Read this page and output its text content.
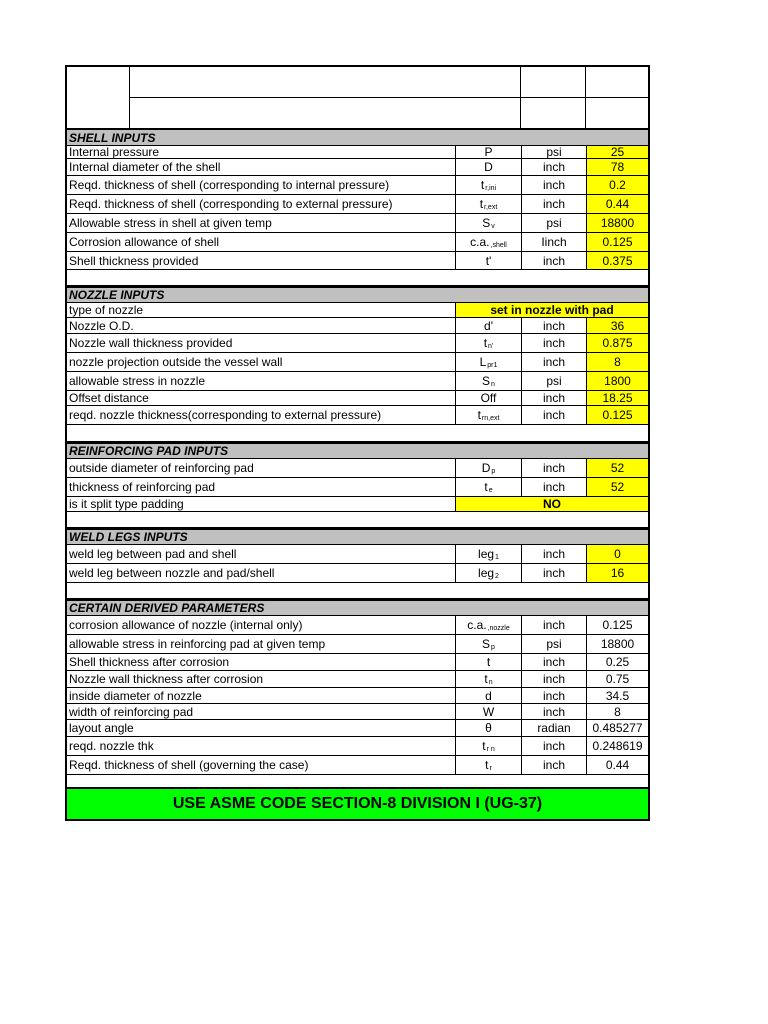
SHELL INPUTS
Internal pressure	P	psi	25
Internal diameter of the shell	D	inch	78
Reqd. thickness of shell (corresponding to internal pressure)	t r,ini	inch	0.2
Reqd. thickness of shell (corresponding to external pressure)	t r,ext	inch	0.44
Allowable stress in shell at given temp	S v	psi	18800
Corrosion allowance of shell	c.a. ,shell	Iinch	0.125
Shell thickness provided	t'	inch	0.375
NOZZLE INPUTS
type of nozzle	set in nozzle with pad
Nozzle O.D.	d'	inch	36
Nozzle wall thickness provided	t n'	inch	0.875
nozzle projection outside the vessel wall	L pr1	inch	8
allowable stress in nozzle	S n	psi	1800
Offset distance	Off	inch	18.25
reqd. nozzle thickness(corresponding to external pressure)	t rn,ext	inch	0.125
REINFORCING PAD INPUTS
outside diameter of reinforcing pad	D p	inch	52
thickness of reinforcing pad	t e	inch	52
is it split type padding	NO
WELD LEGS INPUTS
weld leg between pad and shell	leg 1	inch	0
weld leg between nozzle and pad/shell	leg 2	inch	16
CERTAIN DERIVED PARAMETERS
corrosion allowance of nozzle (internal only)	c.a. ,nozzle	inch	0.125
allowable stress in reinforcing pad at given temp	S p	psi	18800
Shell thickness after corrosion	t	inch	0.25
Nozzle wall thickness after corrosion	t n	inch	0.75
inside diameter of nozzle	d	inch	34.5
width of reinforcing pad	W	inch	8
layout angle	θ	radian	0.485277
reqd. nozzle thk	t r n	inch	0.248619
Reqd. thickness of shell (governing the case)	t r	inch	0.44
USE ASME CODE SECTION-8 DIVISION I (UG-37)
